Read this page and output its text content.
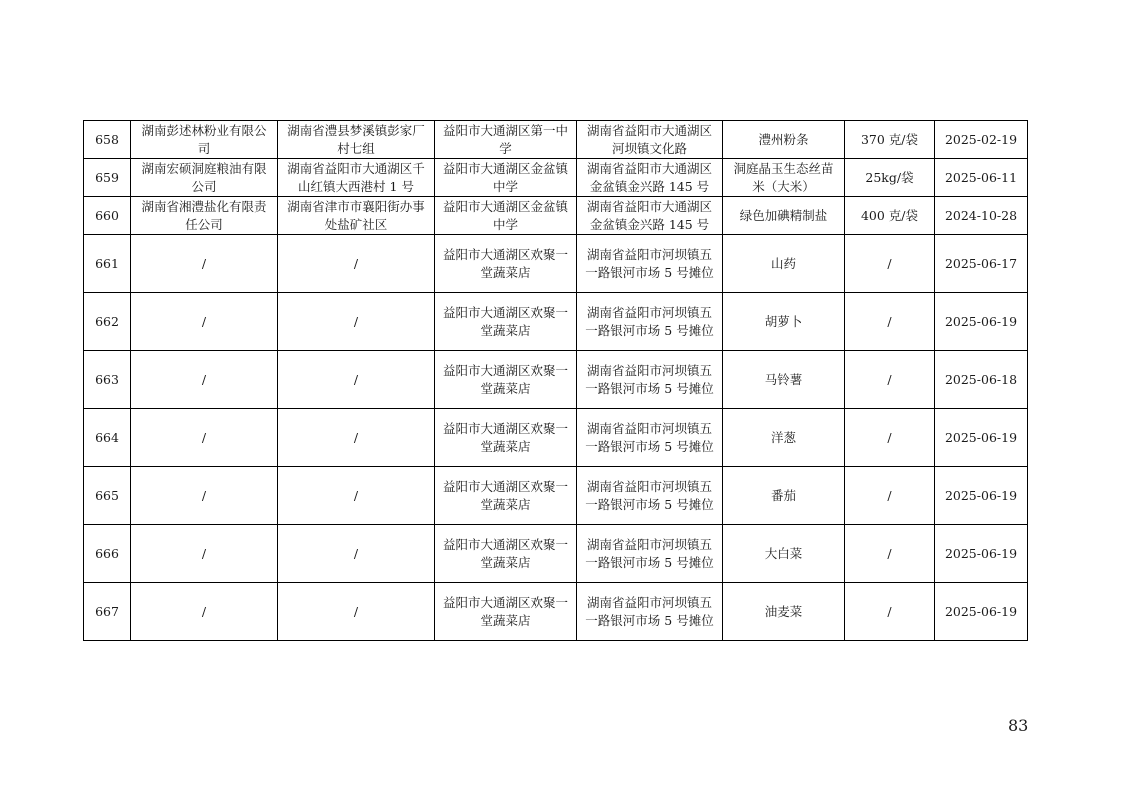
658	湖南彭述林粉业有限公司	湖南省澧县梦溪镇彭家厂村七组	益阳市大通湖区第一中学	湖南省益阳市大通湖区河坝镇文化路	澧州粉条	370 克/袋	2025-02-19
659	湖南宏硕洞庭粮油有限公司	湖南省益阳市大通湖区千山红镇大西港村 1 号	益阳市大通湖区金盆镇中学	湖南省益阳市大通湖区金盆镇金兴路 145 号	洞庭晶玉生态丝苗米（大米）	25kg/袋	2025-06-11
660	湖南省湘澧盐化有限责任公司	湖南省津市市襄阳街办事处盐矿社区	益阳市大通湖区金盆镇中学	湖南省益阳市大通湖区金盆镇金兴路 145 号	绿色加碘精制盐	400 克/袋	2024-10-28
661	/	/	益阳市大通湖区欢聚一堂蔬菜店	湖南省益阳市河坝镇五一路银河市场 5 号摊位	山药	/	2025-06-17
662	/	/	益阳市大通湖区欢聚一堂蔬菜店	湖南省益阳市河坝镇五一路银河市场 5 号摊位	胡萝卜	/	2025-06-19
663	/	/	益阳市大通湖区欢聚一堂蔬菜店	湖南省益阳市河坝镇五一路银河市场 5 号摊位	马铃薯	/	2025-06-18
664	/	/	益阳市大通湖区欢聚一堂蔬菜店	湖南省益阳市河坝镇五一路银河市场 5 号摊位	洋葱	/	2025-06-19
665	/	/	益阳市大通湖区欢聚一堂蔬菜店	湖南省益阳市河坝镇五一路银河市场 5 号摊位	番茄	/	2025-06-19
666	/	/	益阳市大通湖区欢聚一堂蔬菜店	湖南省益阳市河坝镇五一路银河市场 5 号摊位	大白菜	/	2025-06-19
667	/	/	益阳市大通湖区欢聚一堂蔬菜店	湖南省益阳市河坝镇五一路银河市场 5 号摊位	油麦菜	/	2025-06-19
83
